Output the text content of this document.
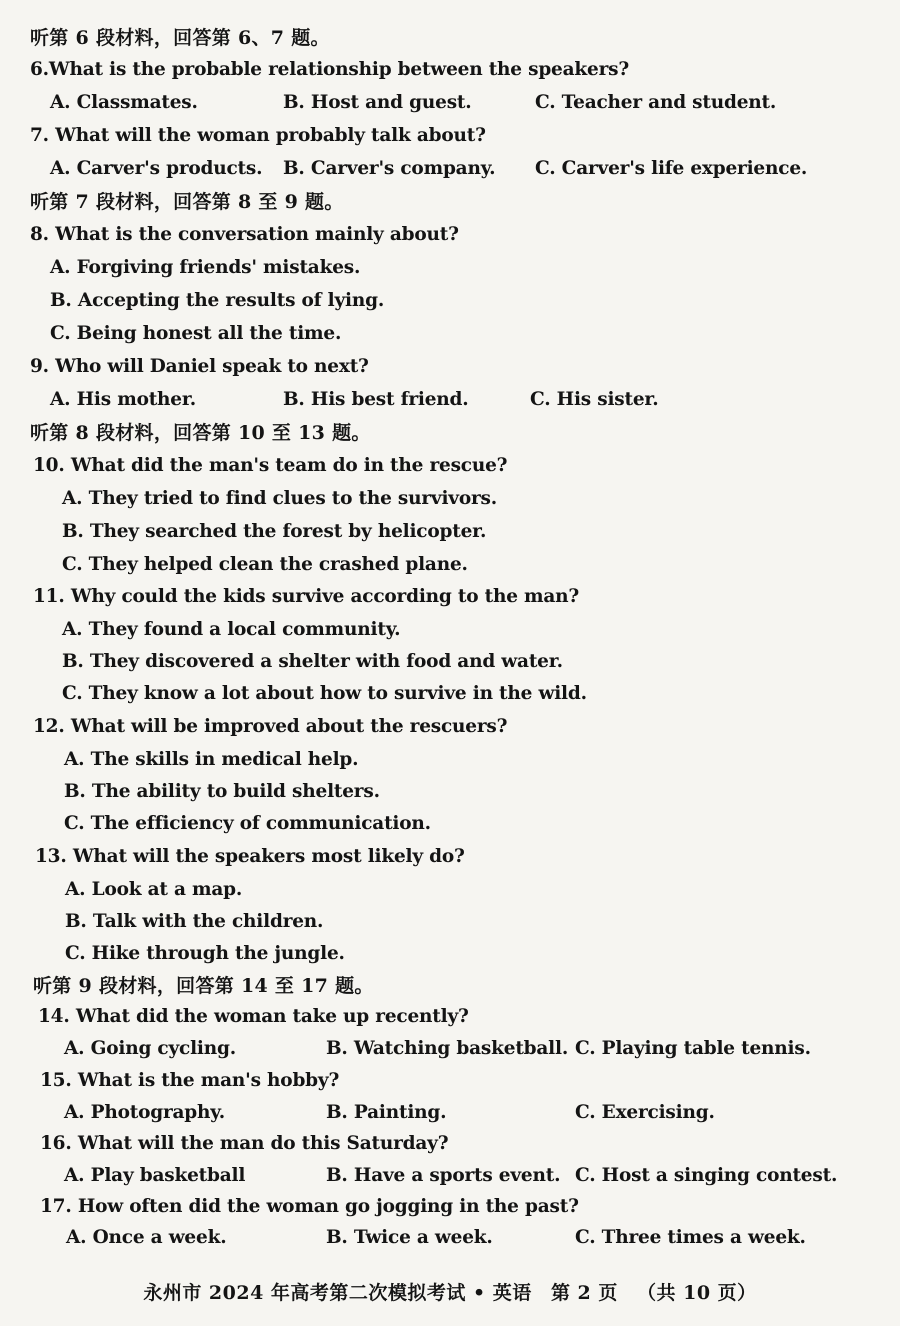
听第 6 段材料，回答第 6、7 题。
6.What is the probable relationship between the speakers?
A. Classmates.	B. Host and guest.	C. Teacher and student.
7. What will the woman probably talk about?
A. Carver's products. B. Carver's company. C. Carver's life experience.
听第 7 段材料，回答第 8 至 9 题。
8. What is the conversation mainly about?
A. Forgiving friends' mistakes.
B. Accepting the results of lying.
C. Being honest all the time.
9. Who will Daniel speak to next?
A. His mother.	B. His best friend.	C. His sister.
听第 8 段材料，回答第 10 至 13 题。
10. What did the man's team do in the rescue?
A. They tried to find clues to the survivors.
B. They searched the forest by helicopter.
C. They helped clean the crashed plane.
11. Why could the kids survive according to the man?
A. They found a local community.
B. They discovered a shelter with food and water.
C. They know a lot about how to survive in the wild.
12. What will be improved about the rescuers?
A. The skills in medical help.
B. The ability to build shelters.
C. The efficiency of communication.
13. What will the speakers most likely do?
A. Look at a map.
B. Talk with the children.
C. Hike through the jungle.
听第 9 段材料，回答第 14 至 17 题。
14. What did the woman take up recently?
A. Going cycling.	B. Watching basketball. C. Playing table tennis.
15. What is the man's hobby?
A. Photography.	B. Painting.	C. Exercising.
16. What will the man do this Saturday?
A. Play basketball	B. Have a sports event. C. Host a singing contest.
17. How often did the woman go jogging in the past?
A. Once a week.	B. Twice a week.	C. Three times a week.
永州市 2024 年高考第二次模拟考试 • 英语 第 2 页 （共 10 页）
